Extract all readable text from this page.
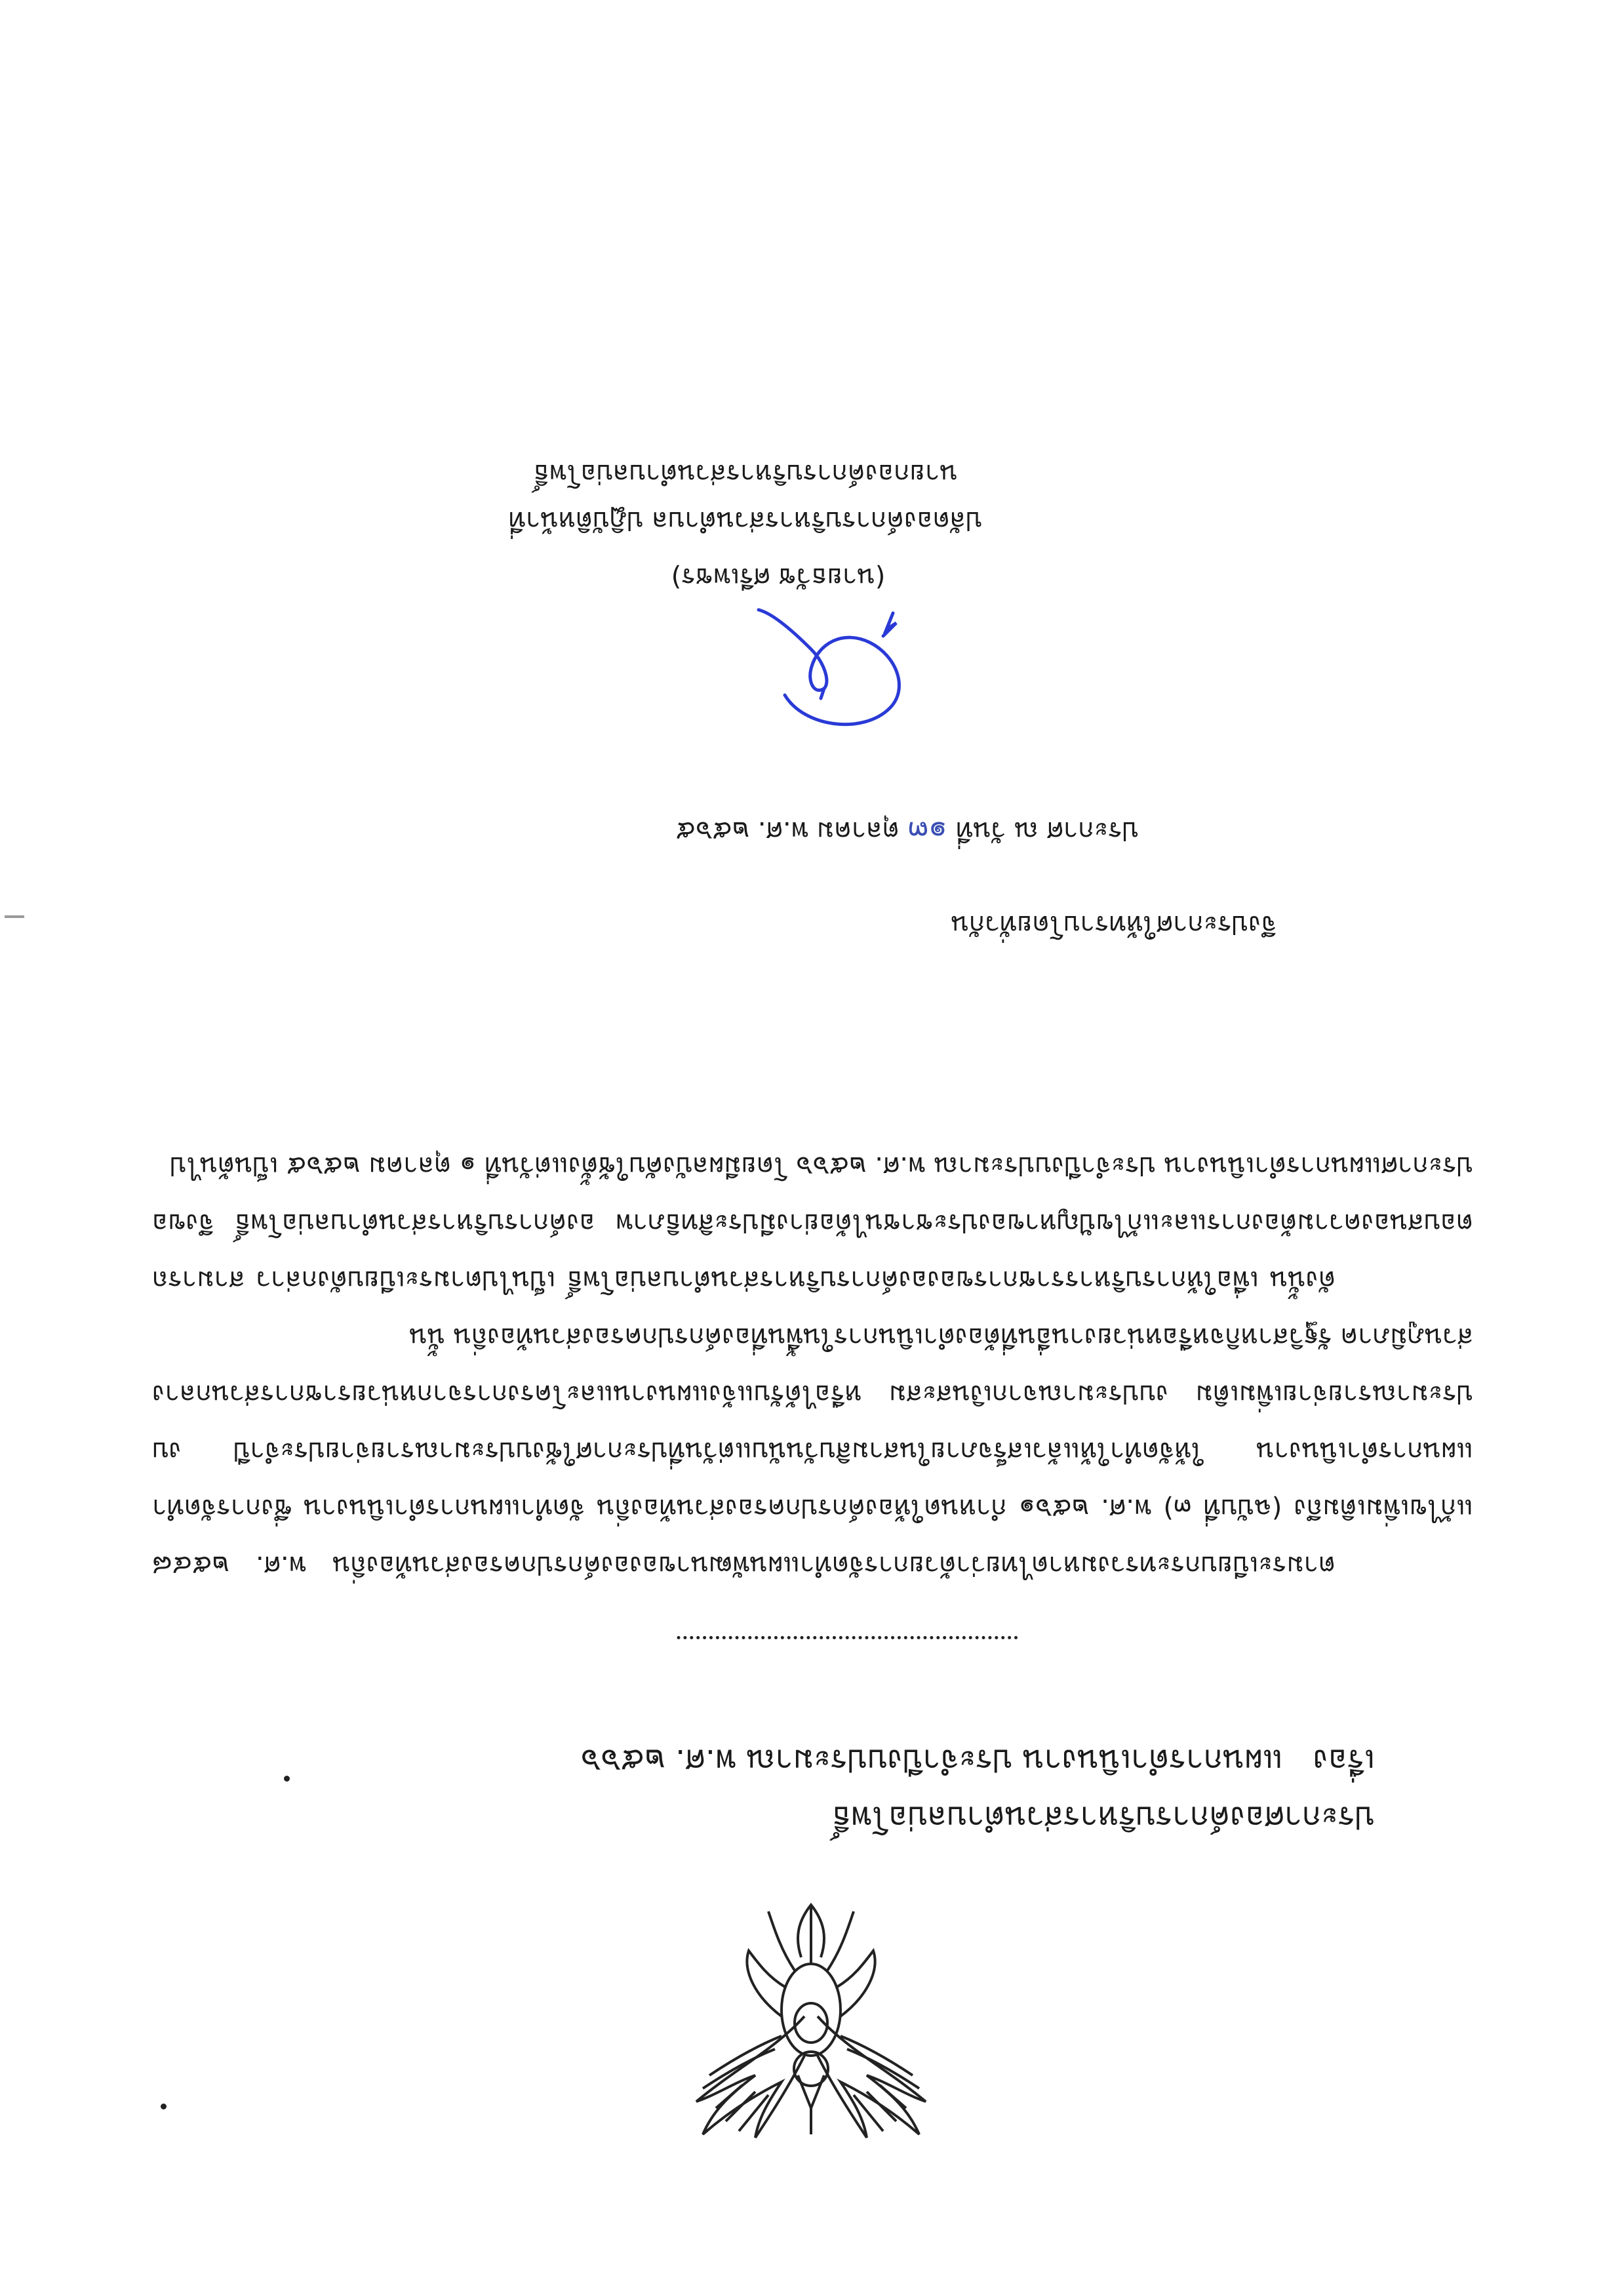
ประกาศองค์การบริหารส่วนตำบลบ่อโพธิ์
เรื่อง   แผนการดำเนินงาน ประจำปีงบประมาณ พ.ศ. ๒๕๖๖

ตามระเบียบกระทรวงมหาดไทยว่าด้วยการจัดทำแผนพัฒนาขององค์กรปกครองส่วนท้องถิ่น พ.ศ. ๒๕๔๘ แก้ไขเพิ่มเติมถึง (ฉบับที่ ๓) พ.ศ. ๒๕๖๑ กำหนดให้องค์กรปกครองส่วนท้องถิ่น จัดทำแผนการดำเนินงาน ซึ่งการจัดทำแผนการดำเนินงาน ให้จัดทำให้แล้วเสร็จภายในสามสิบวันนับแต่วันที่ประกาศใช้งบประมาณรายจ่ายประจำปี งบประมาณรายจ่ายเพิ่มเติม งบประมาณจากเงินสะสม หรือได้รับแจ้งแผนงานและโครงการจากหน่วยราชการส่วนกลาง ส่วนภูมิภาค รัฐวิสาหกิจหรือหน่วยงานอื่นที่ต้องดำเนินการในพื้นที่องค์กรปกครองส่วนท้องถิ่น นั้น

ดังนั้น เพื่อให้การบริหารราชการขององค์การบริหารส่วนตำบลบ่อโพธิ์ เป็นไปตามระเบียบดังกล่าว สามารถตอบสนองความต้องการและแก้ไขปัญหาของประชาชนได้อย่างมีประสิทธิภาพ องค์การบริหารส่วนตำบลบ่อโพธิ์ จึงขอประกาศแผนการดำเนินงาน ประจำปีงบประมาณ พ.ศ. ๒๕๖๖ โดยมีผลบังคับใช้ตั้งแต่วันที่ ๑ ตุลาคม ๒๕๖๕ เป็นต้นไป

จึงประกาศให้ทราบโดยทั่วกัน
ประกาศ ณ วันที่ ๑๓ ตุลาคม พ.ศ. ๒๕๖๕
(นายธวัช ศรีเพชร)
ปลัดองค์การบริหารส่วนตำบล ปฏิบัติหน้าที่
นายกองค์การบริหารส่วนตำบลบ่อโพธิ์
